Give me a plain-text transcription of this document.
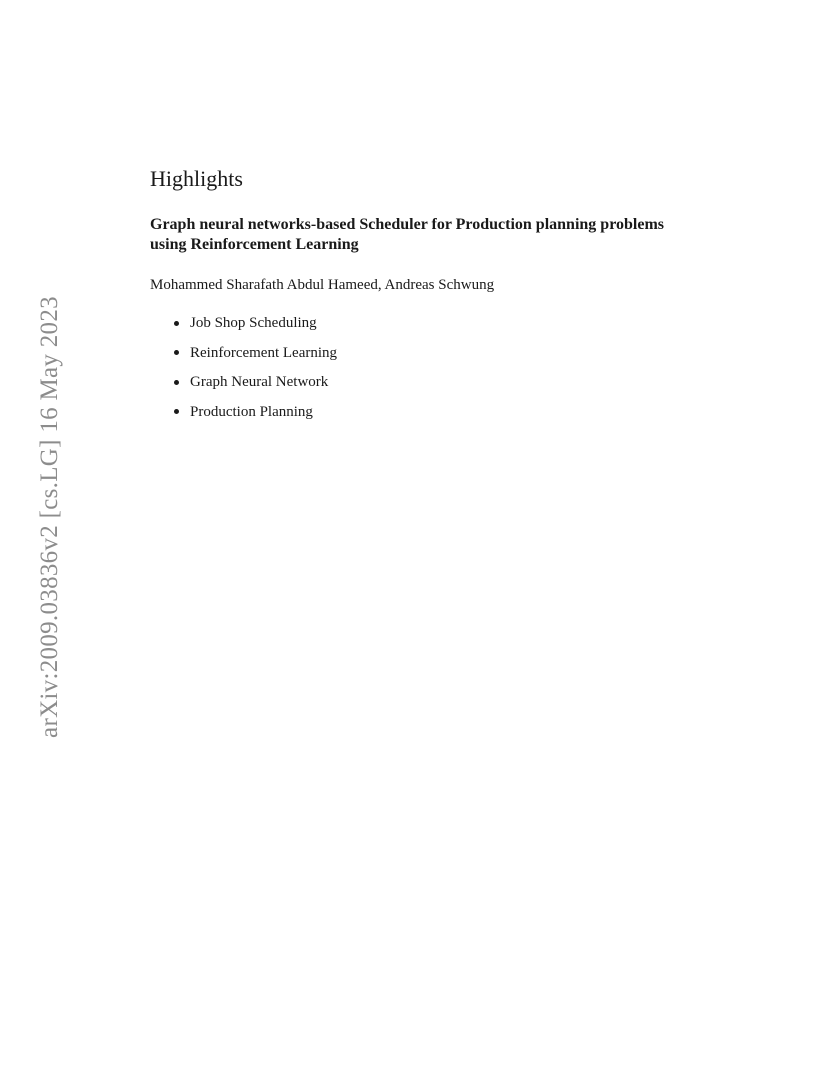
arXiv:2009.03836v2 [cs.LG] 16 May 2023
Highlights
Graph neural networks-based Scheduler for Production planning problems using Reinforcement Learning
Mohammed Sharafath Abdul Hameed, Andreas Schwung
Job Shop Scheduling
Reinforcement Learning
Graph Neural Network
Production Planning
